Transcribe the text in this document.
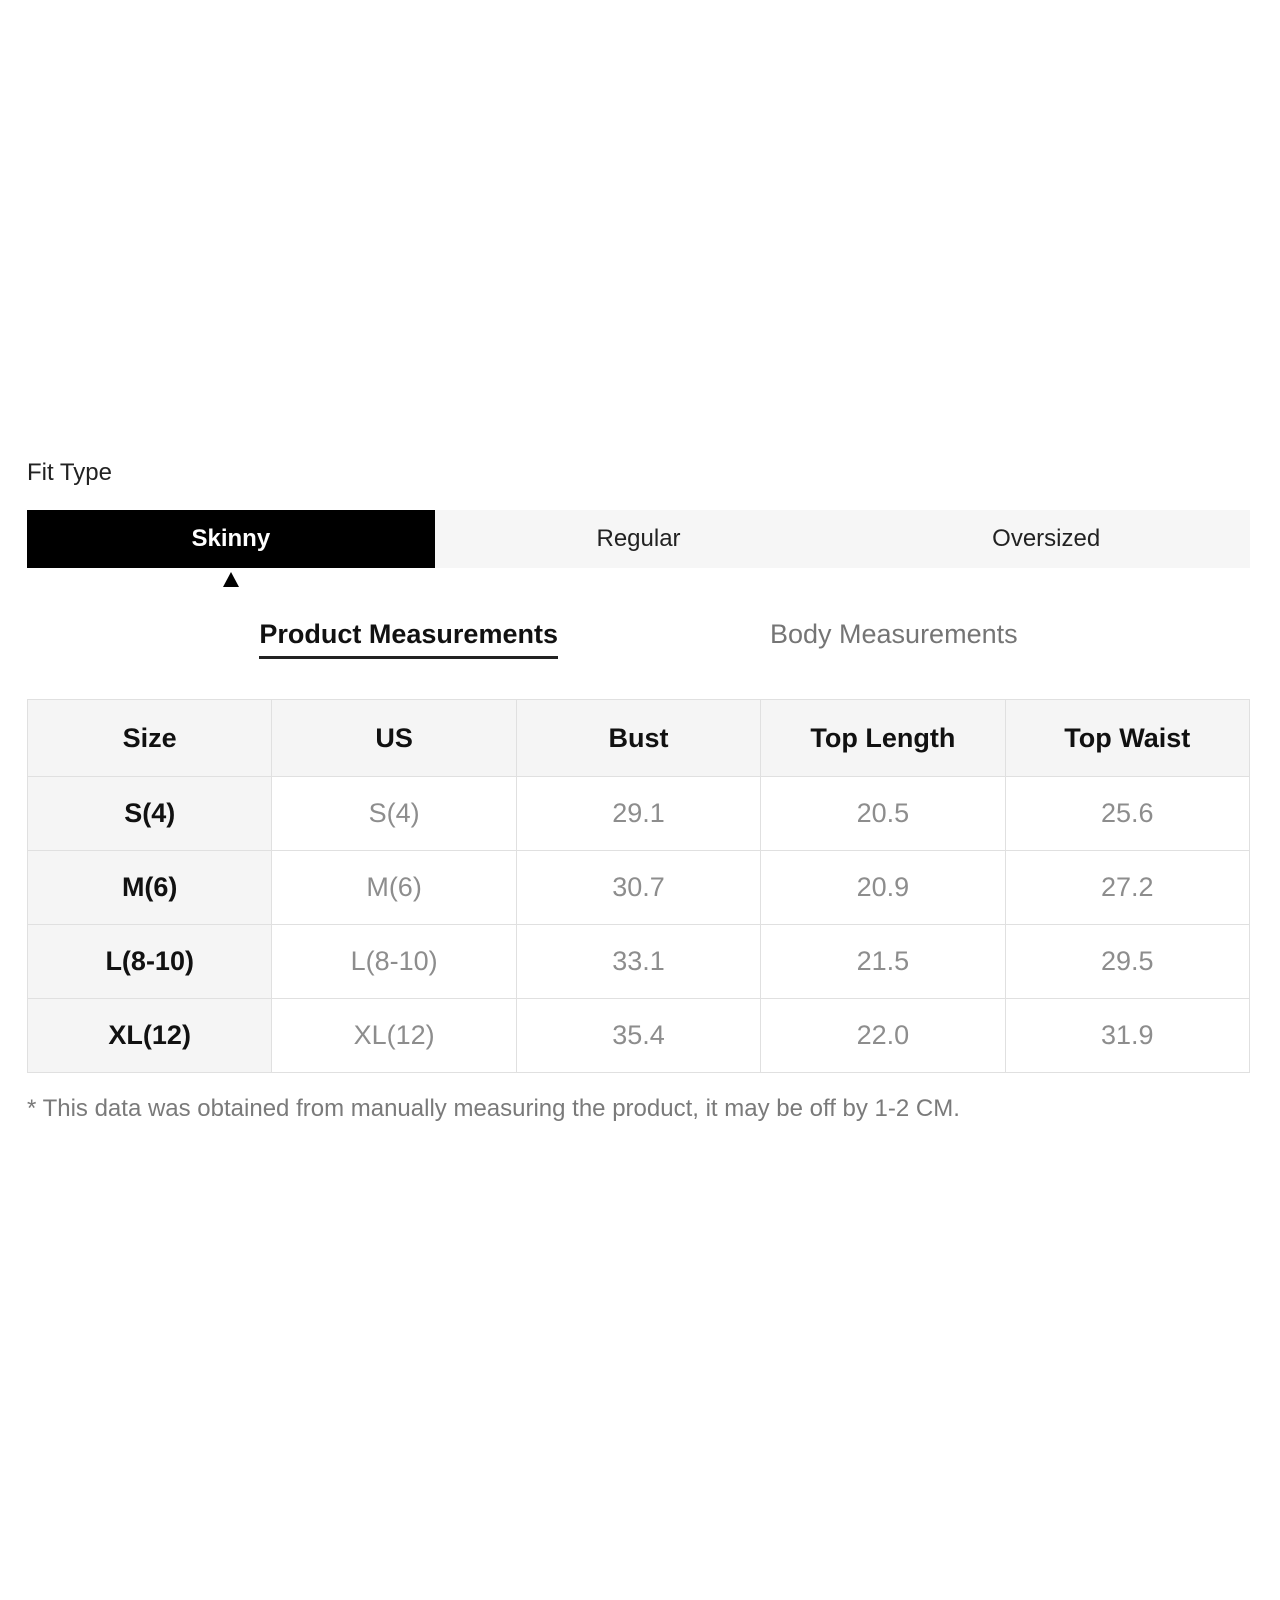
Fit Type
Skinny	Regular	Oversized
Product Measurements	Body Measurements
Size	US	Bust	Top Length	Top Waist
S(4)	S(4)	29.1	20.5	25.6
M(6)	M(6)	30.7	20.9	27.2
L(8-10)	L(8-10)	33.1	21.5	29.5
XL(12)	XL(12)	35.4	22.0	31.9
* This data was obtained from manually measuring the product, it may be off by 1-2 CM.
